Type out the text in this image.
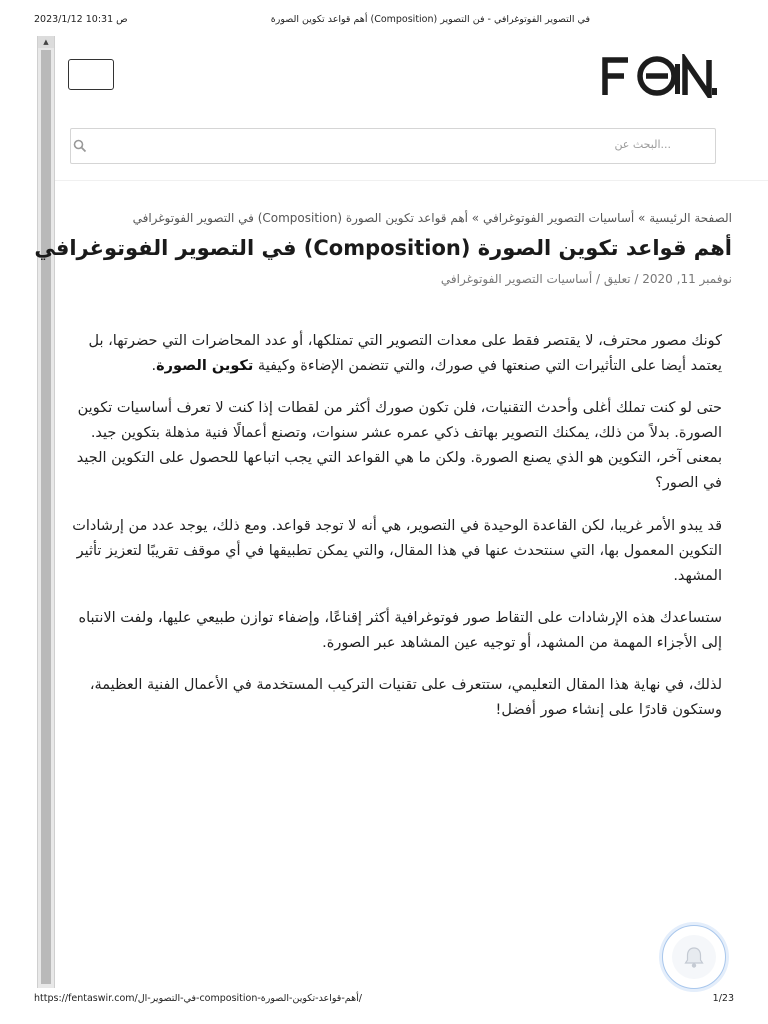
2023/1/12 10:31 ص	في التصوير الفوتوغرافي - فن التصوير (Composition) أهم قواعد تكوين الصورة
▲
البحث عن...
الصفحة الرئيسية » أساسيات التصوير الفوتوغرافي » أهم قواعد تكوين الصورة (Composition) في التصوير الفوتوغرافي
أهم قواعد تكوين الصورة (Composition) في التصوير الفوتوغرافي
نوفمبر 11, 2020 / تعليق / أساسيات التصوير الفوتوغرافي

كونك مصور محترف، لا يقتصر فقط على معدات التصوير التي تمتلكها، أو عدد المحاضرات التي حضرتها، بل يعتمد أيضا على التأثيرات التي صنعتها في صورك، والتي تتضمن الإضاءة وكيفية تكوين الصورة.

حتى لو كنت تملك أغلى وأحدث التقنيات، فلن تكون صورك أكثر من لقطات إذا كنت لا تعرف أساسيات تكوين الصورة. بدلاً من ذلك، يمكنك التصوير بهاتف ذكي عمره عشر سنوات، وتصنع أعمالًا فنية مذهلة بتكوين جيد. بمعنى آخر، التكوين هو الذي يصنع الصورة. ولكن ما هي القواعد التي يجب اتباعها للحصول على التكوين الجيد في الصور؟

قد يبدو الأمر غريبا، لكن القاعدة الوحيدة في التصوير، هي أنه لا توجد قواعد. ومع ذلك، يوجد عدد من إرشادات التكوين المعمول بها، التي سنتحدث عنها في هذا المقال، والتي يمكن تطبيقها في أي موقف تقريبًا لتعزيز تأثير المشهد.

ستساعدك هذه الإرشادات على التقاط صور فوتوغرافية أكثر إقناعًا، وإضفاء توازن طبيعي عليها، ولفت الانتباه إلى الأجزاء المهمة من المشهد، أو توجيه عين المشاهد عبر الصورة.

لذلك، في نهاية هذا المقال التعليمي، ستتعرف على تقنيات التركيب المستخدمة في الأعمال الفنية العظيمة، وستكون قادرًا على إنشاء صور أفضل!

https://fentaswir.com/في-التصوير-ال-composition-أهم-قواعد-تكوين-الصورة/	1/23
